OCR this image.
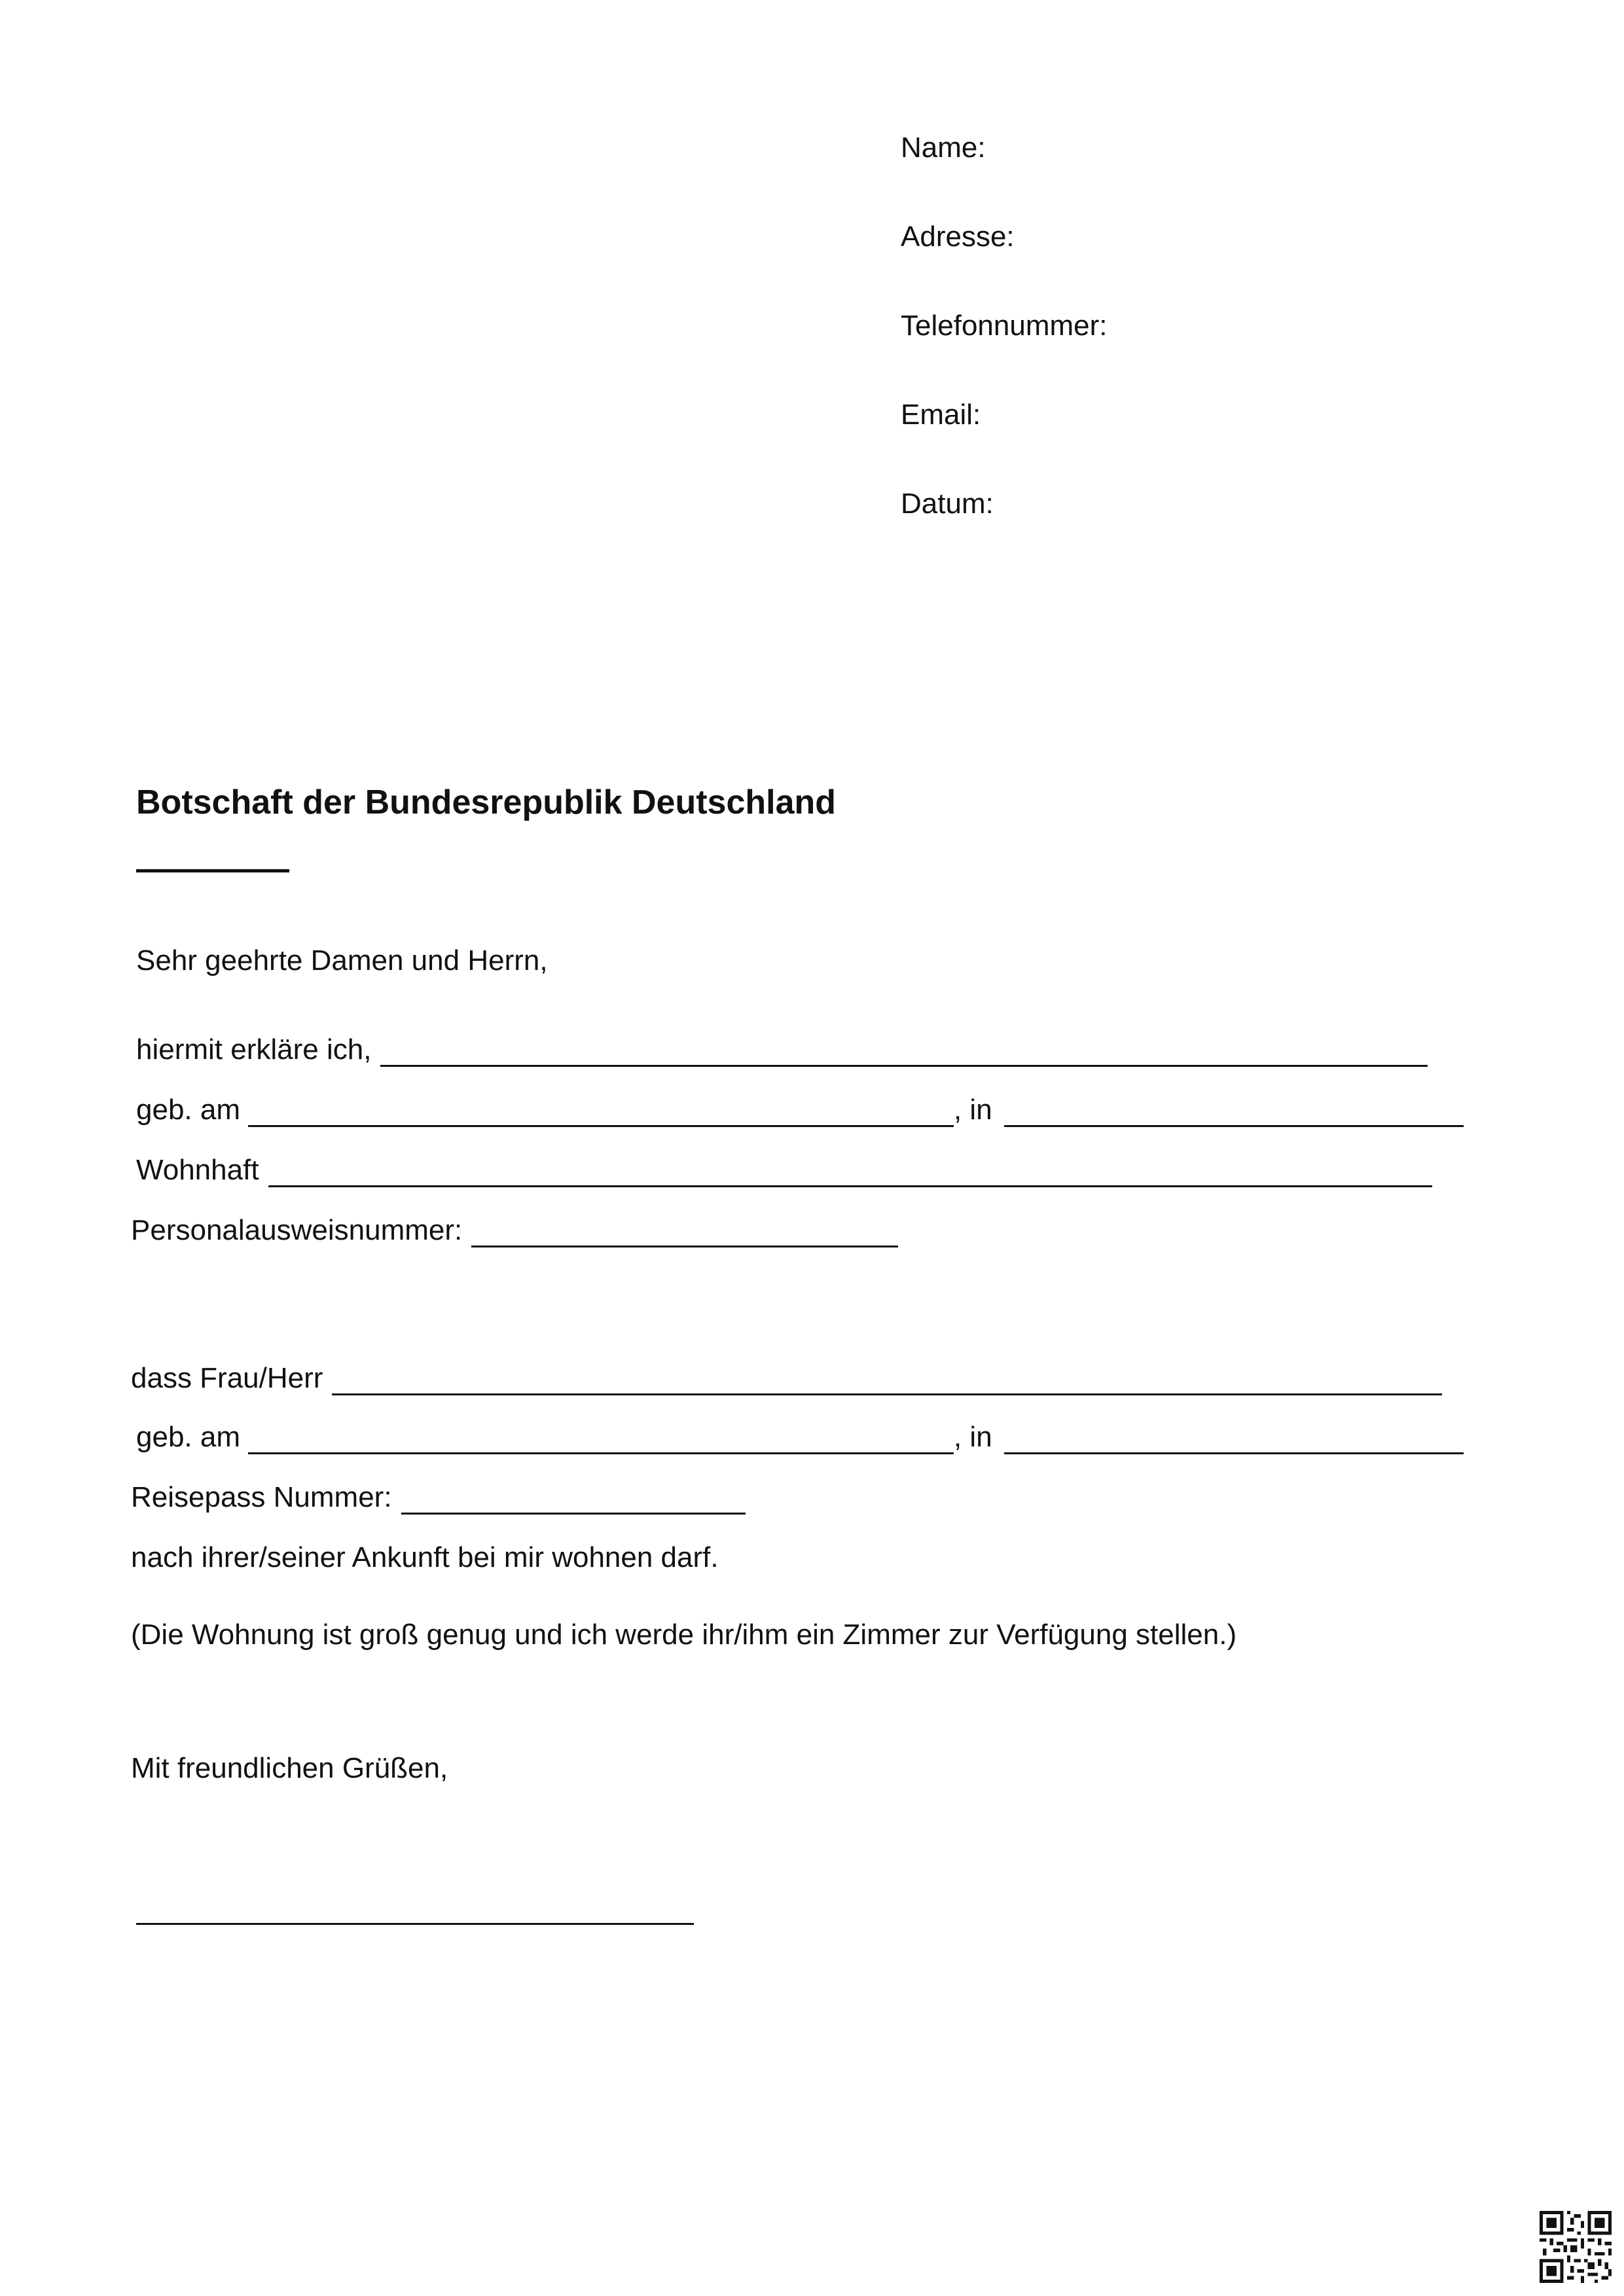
Name:
Adresse:
Telefonnummer:
Email:
Datum:
Botschaft der Bundesrepublik Deutschland
Sehr geehrte Damen und Herrn,
hiermit erkläre ich,
geb. am	, in
Wohnhaft
Personalausweisnummer:
dass Frau/Herr
geb. am	, in
Reisepass Nummer:
nach ihrer/seiner Ankunft bei mir wohnen darf.
(Die Wohnung ist groß genug und ich werde ihr/ihm ein Zimmer zur Verfügung stellen.)
Mit freundlichen Grüßen,
